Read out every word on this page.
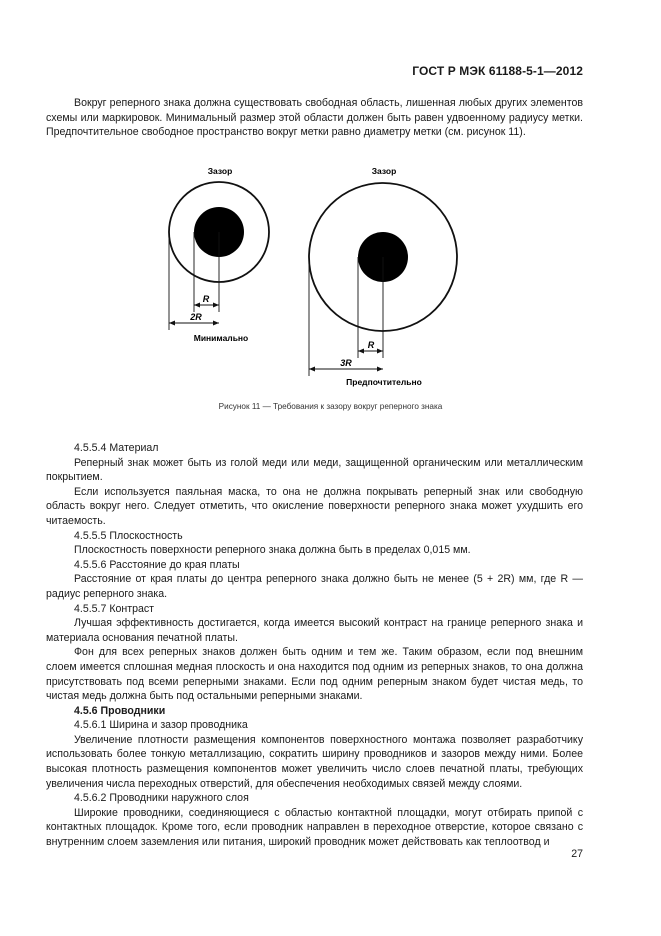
ГОСТ Р МЭК 61188-5-1—2012

Вокруг реперного знака должна существовать свободная область, лишенная любых других элементов схемы или маркировок. Минимальный размер этой области должен быть равен удвоенному радиусу метки. Предпочтительное свободное пространство вокруг метки равно диаметру метки (см. рисунок 11).

Зазор
R
2R
Минимально
Зазор
R
3R
Предпочтительно
Рисунок 11 — Требования к зазору вокруг реперного знака

4.5.5.4 Материал

Реперный знак может быть из голой меди или меди, защищенной органическим или металлическим покрытием.

Если используется паяльная маска, то она не должна покрывать реперный знак или свободную область вокруг него. Следует отметить, что окисление поверхности реперного знака может ухудшить его читаемость.

4.5.5.5 Плоскостность

Плоскостность поверхности реперного знака должна быть в пределах 0,015 мм.

4.5.5.6 Расстояние до края платы

Расстояние от края платы до центра реперного знака должно быть не менее (5 + 2R) мм, где R — радиус реперного знака.

4.5.5.7 Контраст

Лучшая эффективность достигается, когда имеется высокий контраст на границе реперного знака и материала основания печатной платы.

Фон для всех реперных знаков должен быть одним и тем же. Таким образом, если под внешним слоем имеется сплошная медная плоскость и она находится под одним из реперных знаков, то она должна присутствовать под всеми реперными знаками. Если под одним реперным знаком будет чистая медь, то чистая медь должна быть под остальными реперными знаками.

4.5.6 Проводники

4.5.6.1 Ширина и зазор проводника

Увеличение плотности размещения компонентов поверхностного монтажа позволяет разработчику использовать более тонкую металлизацию, сократить ширину проводников и зазоров между ними. Более высокая плотность размещения компонентов может увеличить число слоев печатной платы, требующих увеличения числа переходных отверстий, для обеспечения необходимых связей между слоями.

4.5.6.2 Проводники наружного слоя

Широкие проводники, соединяющиеся с областью контактной площадки, могут отбирать припой с контактных площадок. Кроме того, если проводник направлен в переходное отверстие, которое связано с внутренним слоем заземления или питания, широкий проводник может действовать как теплоотвод и

27
